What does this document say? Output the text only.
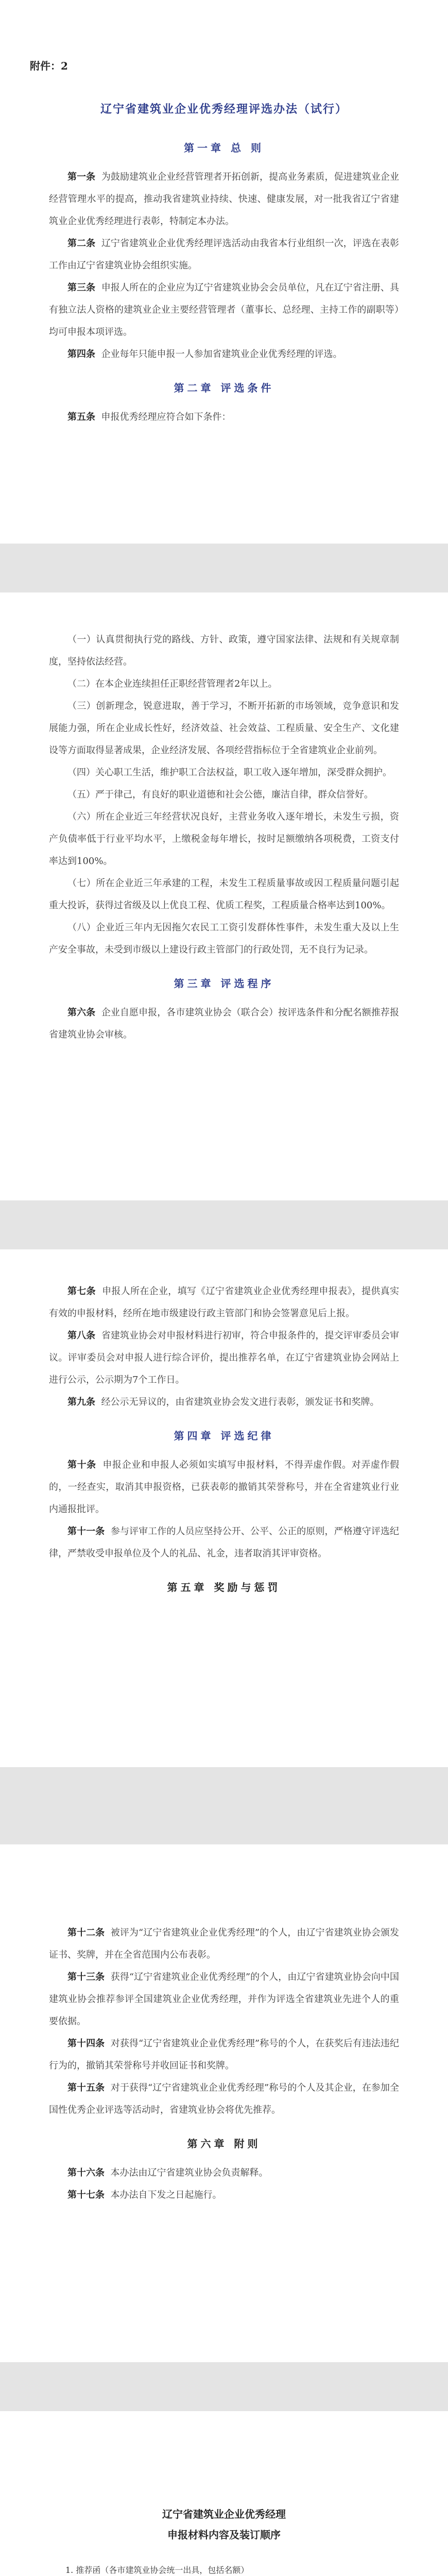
附件：2
辽宁省建筑业企业优秀经理评选办法（试行）
第一章 总 则

第一条 为鼓励建筑业企业经营管理者开拓创新，提高业务素质，促进建筑业企业经营管理水平的提高，推动我省建筑业持续、快速、健康发展，对一批我省辽宁省建筑业企业优秀经理进行表彰，特制定本办法。

第二条 辽宁省建筑业企业优秀经理评选活动由我省本行业组织一次，评选在表彰工作由辽宁省建筑业协会组织实施。

第三条 申报人所在的企业应为辽宁省建筑业协会会员单位，凡在辽宁省注册、具有独立法人资格的建筑业企业主要经营管理者（董事长、总经理、主持工作的副职等）均可申报本项评选。

第四条 企业每年只能申报一人参加省建筑业企业优秀经理的评选。

第二章 评选条件

第五条 申报优秀经理应符合如下条件：

（一）认真贯彻执行党的路线、方针、政策，遵守国家法律、法规和有关规章制度，坚持依法经营。

（二）在本企业连续担任正职经营管理者2年以上。

（三）创新理念，锐意进取，善于学习，不断开拓新的市场领域，竞争意识和发展能力强，所在企业成长性好，经济效益、社会效益、工程质量、安全生产、文化建设等方面取得显著成果，企业经济发展、各项经营指标位于全省建筑业企业前列。

（四）关心职工生活，维护职工合法权益，职工收入逐年增加，深受群众拥护。

（五）严于律己，有良好的职业道德和社会公德，廉洁自律，群众信誉好。

（六）所在企业近三年经营状况良好，主营业务收入逐年增长，未发生亏损，资产负债率低于行业平均水平，上缴税金每年增长，按时足额缴纳各项税费，工资支付率达到100%。

（七）所在企业近三年承建的工程，未发生工程质量事故或因工程质量问题引起重大投诉，获得过省级及以上优良工程、优质工程奖，工程质量合格率达到100%。

（八）企业近三年内无因拖欠农民工工资引发群体性事件，未发生重大及以上生产安全事故，未受到市级以上建设行政主管部门的行政处罚，无不良行为记录。

第三章 评选程序

第六条 企业自愿申报，各市建筑业协会（联合会）按评选条件和分配名额推荐报省建筑业协会审核。

第七条 申报人所在企业，填写《辽宁省建筑业企业优秀经理申报表》，提供真实有效的申报材料，经所在地市级建设行政主管部门和协会签署意见后上报。

第八条 省建筑业协会对申报材料进行初审，符合申报条件的，提交评审委员会审议。评审委员会对申报人进行综合评价，提出推荐名单，在辽宁省建筑业协会网站上进行公示，公示期为7个工作日。

第九条 经公示无异议的，由省建筑业协会发文进行表彰，颁发证书和奖牌。

第四章 评选纪律

第十条 申报企业和申报人必须如实填写申报材料，不得弄虚作假。对弄虚作假的，一经查实，取消其申报资格，已获表彰的撤销其荣誉称号，并在全省建筑业行业内通报批评。

第十一条 参与评审工作的人员应坚持公开、公平、公正的原则，严格遵守评选纪律，严禁收受申报单位及个人的礼品、礼金，违者取消其评审资格。

第五章 奖励与惩罚

第十二条 被评为“辽宁省建筑业企业优秀经理”的个人，由辽宁省建筑业协会颁发证书、奖牌，并在全省范围内公布表彰。

第十三条 获得“辽宁省建筑业企业优秀经理”的个人，由辽宁省建筑业协会向中国建筑业协会推荐参评全国建筑业企业优秀经理，并作为评选全省建筑业先进个人的重要依据。

第十四条 对获得“辽宁省建筑业企业优秀经理”称号的个人，在获奖后有违法违纪行为的，撤销其荣誉称号并收回证书和奖牌。

第十五条 对于获得“辽宁省建筑业企业优秀经理”称号的个人及其企业，在参加全国性优秀企业评选等活动时，省建筑业协会将优先推荐。

第六章 附则

第十六条 本办法由辽宁省建筑业协会负责解释。

第十七条 本办法自下发之日起施行。

辽宁省建筑业企业优秀经理
申报材料内容及装订顺序

1. 推荐函（各市建筑业协会统一出具，包括名额）
